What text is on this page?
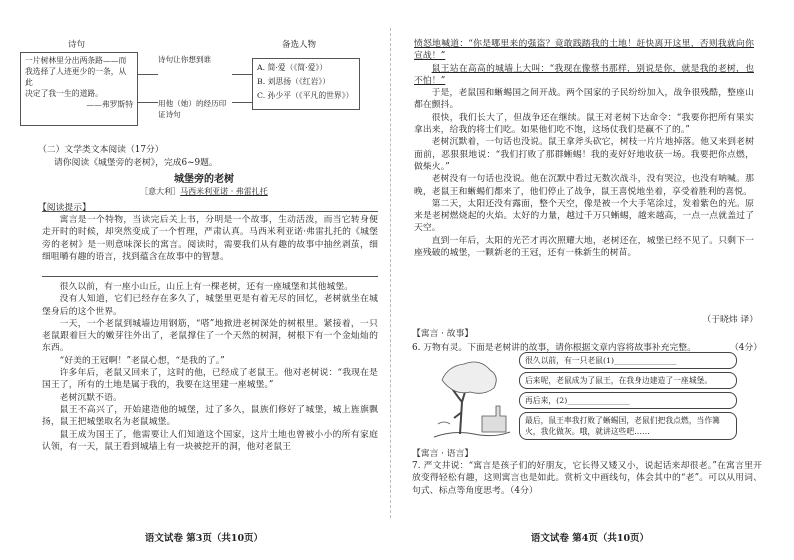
诗句	备选人物
一片树林里分出两条路——而
我选择了人迹更少的一条，从此
决定了我一生的道路。
——弗罗斯特
诗句让你想到谁
用他（她）的经历印
证诗句
A. 简·爱（《简·爱》）
B. 刘思扬（《红岩》）
C. 孙少平（《平凡的世界》）
（二）文学类文本阅读（17分）
请你阅读《城堡旁的老树》，完成6~9题。
城堡旁的老树
［意大利］马西米利亚诺 · 弗雷扎托
【阅读提示】

寓言是一个特物，当读完后关上书，分明是一个故事，生动活泼，而当它转身便走开时的时候，却突然变成了一个哲理，严肃认真。马西米利亚诺·弗雷扎托的《城堡旁的老树》是一则意味深长的寓言。阅读时，需要我们从有趣的故事中抽丝剥茧，细细咀嚼有趣的语言，找到蕴含在故事中的智慧。

很久以前，有一座小山丘，山丘上有一棵老树，还有一座城堡和其他城堡。

没有人知道，它们已经存在多久了，城堡里更是有着无尽的回忆，老树就坐在城堡身后的这个世界。

一天，一个老鼠到城墙边用钢筋，“嗒”地掀进老树深处的树根里。紧接着，一只老鼠跟着巨大的嫩芽往外出了，老鼠撑住了一个天然的树洞，树根下有一个金灿灿的东西。

“好美的王冠啊！”老鼠心想，“是我的了。”

许多年后，老鼠又回来了，这时的他，已经成了老鼠王。他对老树说：“我现在是国王了，所有的土地是属于我的，我要在这里建一座城堡。”

老树沉默不语。

鼠王不高兴了，开始建造他的城堡，过了多久，鼠族们修好了城堡，城上旌旗飘扬，鼠王把城堡取名为老鼠城堡。

鼠王成为国王了，他需要让人们知道这个国家，这片土地也曾被小小的所有家庭认领，有一天，鼠王看到城墙上有一块被挖开的洞，他对老鼠王

语文试卷 第3页（共10页）

愤怒地喊道：“你是哪里来的强盗？竟敢践踏我的土地！赶快离开这里，否则我就向你宣战！”

鼠王站在高高的城墙上大叫：“我现在像蔡书那样，别说是你，就是我的老树，也不怕！”

于是，老鼠国和蜥蜴国之间开战。两个国家的子民纷纷加入，战争很残酷，整座山都在颤抖。

很快，我们长大了，但战争还在继续。鼠王对老树下达命令：“我要你把所有果实拿出来，给我的将士们吃。如果他们吃不饱，这场仗我们是赢不了的。”

老树沉默着，一句话也没说。鼠王拿斧头砍它，树枝一片片地掉落。他又来到老树面前，恶狠狠地说：“我们打败了那群蜥蜴！我的麦好好地收获一场。我要把你点燃，做柴火。”

老树没有一句话也没说。他在沉默中看过无数次战斗，没有哭泣，也没有呐喊。那晚，老鼠王和蜥蜴们都来了，他们停止了战争，鼠王喜悦地坐着，享受着胜利的喜悦。

第二天，太阳还没有露面，整个天空，像是被一个大手笔涂过，发着紫色的光。原来是老树燃烧起的火焰。太好的力量，越过千万只蜥蜴，越来越高，一点一点就盖过了天空。

直到一年后，太阳的光芒才再次照耀大地，老树还在，城堡已经不见了。只剩下一座残破的城堡，一颗新老的王冠，还有一株新生的树苗。

（于晓炜 译）
【寓言 · 故事】
6. 万物有灵。下面是老树讲的故事，请你根据文章内容将故事补充完整。	（4分）
很久以前，有一只老鼠(1)________________
后来呢，老鼠成为了鼠王，在我身边建造了一座城堡。
再后来，(2)________________
最后，鼠王率我打败了蜥蜴国，老鼠们把我点燃，当作篝火，我化做灰。哦，就讲这些吧……
【寓言 · 语言】

7. 严文井说：“寓言是孩子们的好朋友，它长得又矮又小，说起话来却很老。”在寓言里开放变得轻松有趣，这则寓言也是如此。赏析文中画线句，体会其中的“老”。可以从用词、句式、标点等角度思考。（4分）

语文试卷 第4页（共10页）
